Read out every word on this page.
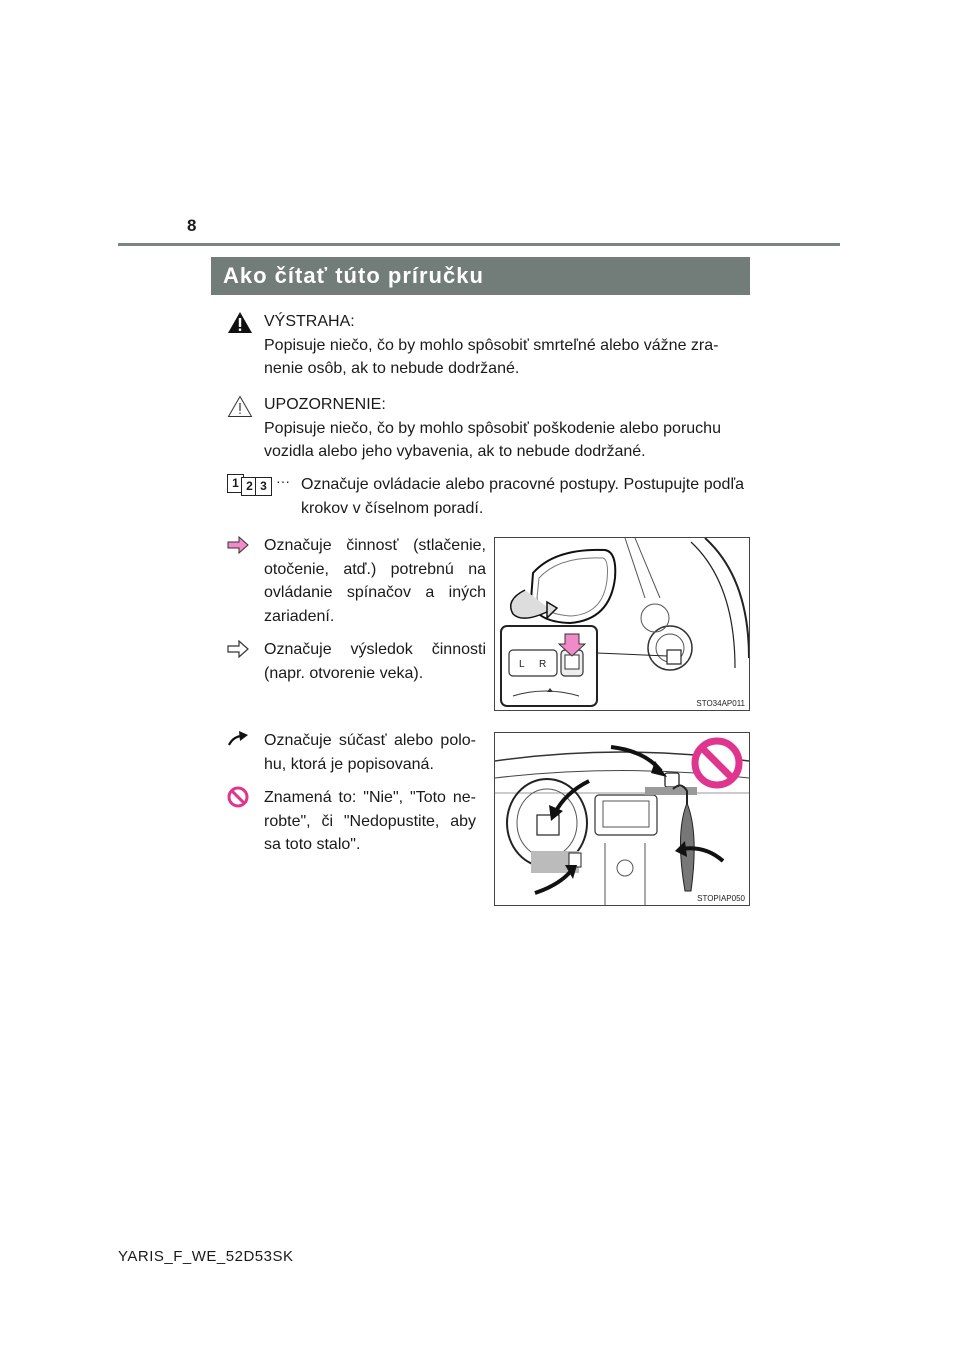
8
Ako čítať túto príručku
VÝSTRAHA:
Popisuje niečo, čo by mohlo spôsobiť smrteľné alebo vážne zra-nenie osôb, ak to nebude dodržané.
UPOZORNENIE:
Popisuje niečo, čo by mohlo spôsobiť poškodenie alebo poruchu vozidla alebo jeho vybavenia, ak to nebude dodržané.
1 2 3 ··· Označuje ovládacie alebo pracovné postupy. Postupujte podľa krokov v číselnom poradí.
Označuje činnosť (stlačenie, otočenie, atď.) potrebnú na ovládanie spínačov a iných zariadení.
Označuje výsledok činnosti (napr. otvorenie veka).
Označuje súčasť alebo polo-hu, ktorá je popisovaná.
Znamená to: "Nie", "Toto ne-robte", či "Nedopustite, aby sa toto stalo".
L R
STO34AP011
STOPIAP050
YARIS_F_WE_52D53SK
